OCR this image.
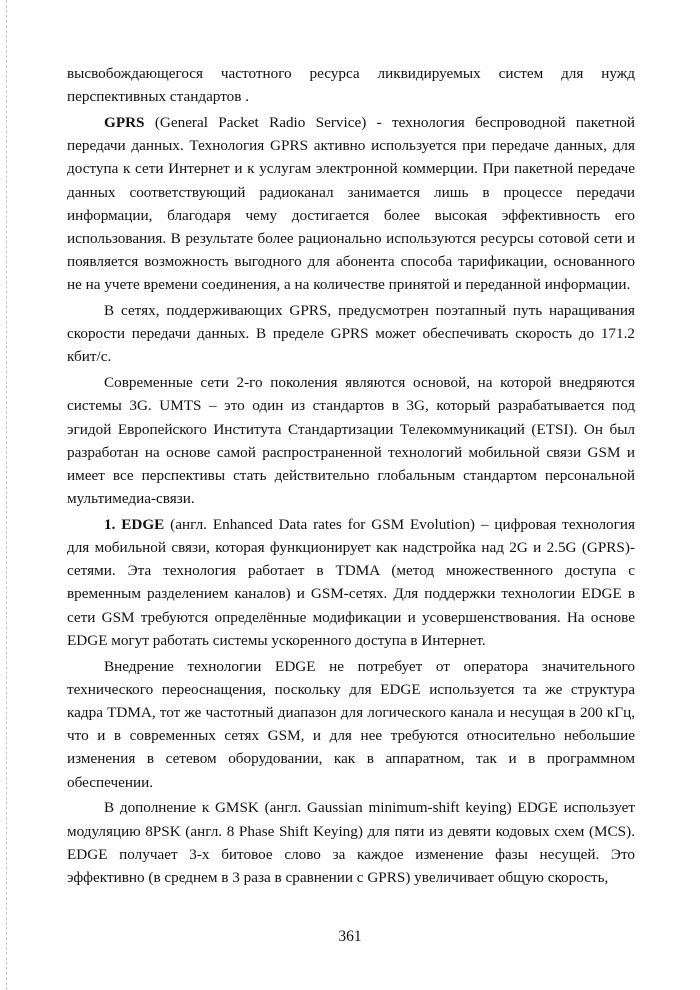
высвобождающегося частотного ресурса ликвидируемых систем для нужд перспективных стандартов .

GPRS (General Packet Radio Service) - технология беспроводной пакетной передачи данных. Технология GPRS активно используется при передаче данных, для доступа к сети Интернет и к услугам электронной коммерции. При пакетной передаче данных соответствующий радиоканал занимается лишь в процессе передачи информации, благодаря чему достигается более высокая эффективность его использования. В результате более рационально используются ресурсы сотовой сети и появляется возможность выгодного для абонента способа тарификации, основанного не на учете времени соединения, а на количестве принятой и переданной информации.

В сетях, поддерживающих GPRS, предусмотрен поэтапный путь наращивания скорости передачи данных. В пределе GPRS может обеспечивать скорость до 171.2 кбит/с.

Современные сети 2-го поколения являются основой, на которой внедряются системы 3G. UMTS – это один из стандартов в 3G, который разрабатывается под эгидой Европейского Института Стандартизации Телекоммуникаций (ETSI). Он был разработан на основе самой распространенной технологий мобильной связи GSM и имеет все перспективы стать действительно глобальным стандартом персональной мультимедиа-связи.

1. EDGE (англ. Enhanced Data rates for GSM Evolution) – цифровая технология для мобильной связи, которая функционирует как надстройка над 2G и 2.5G (GPRS)-сетями. Эта технология работает в TDMA (метод множественного доступа с временным разделением каналов) и GSM-сетях. Для поддержки технологии EDGE в сети GSM требуются определённые модификации и усовершенствования. На основе EDGE могут работать системы ускоренного доступа в Интернет.

Внедрение технологии EDGE не потребует от оператора значительного технического переоснащения, поскольку для EDGE используется та же структура кадра TDMA, тот же частотный диапазон для логического канала и несущая в 200 кГц, что и в современных сетях GSM, и для нее требуются относительно небольшие изменения в сетевом оборудовании, как в аппаратном, так и в программном обеспечении.

В дополнение к GMSK (англ. Gaussian minimum-shift keying) EDGE использует модуляцию 8PSK (англ. 8 Phase Shift Keying) для пяти из девяти кодовых схем (MCS). EDGE получает 3-х битовое слово за каждое изменение фазы несущей. Это эффективно (в среднем в 3 раза в сравнении с GPRS) увеличивает общую скорость,

361
